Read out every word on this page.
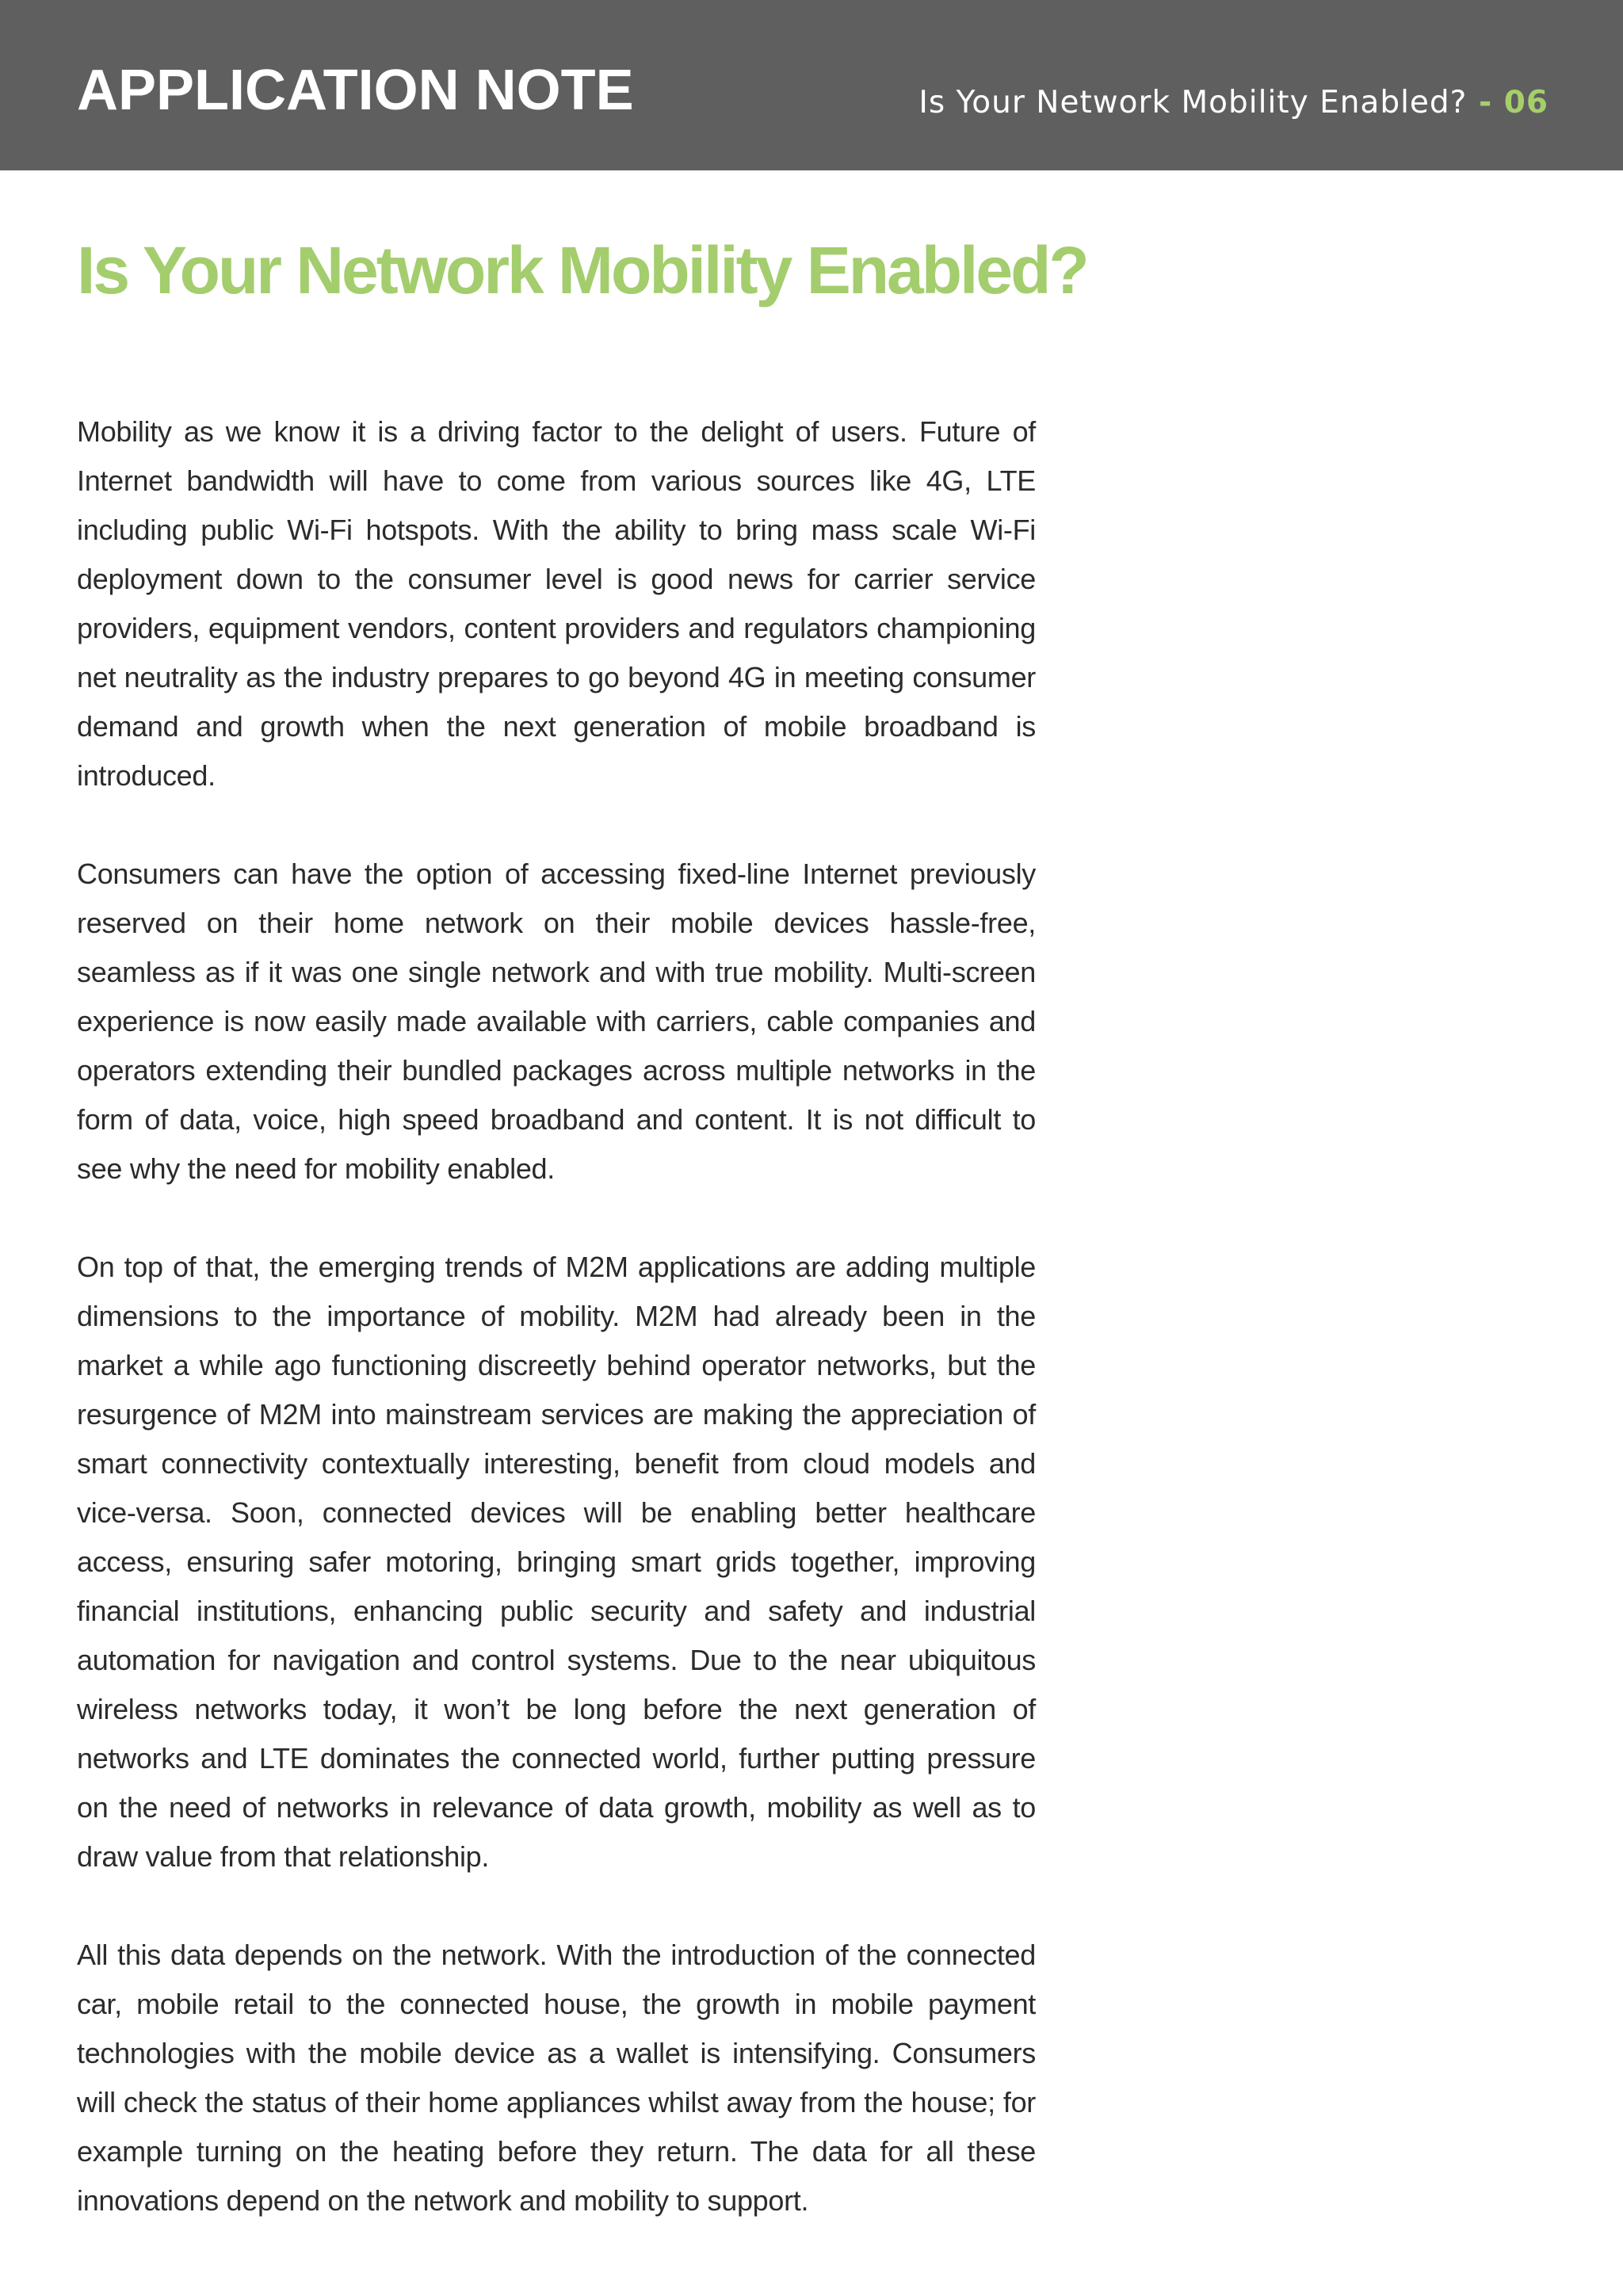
APPLICATION NOTE	Is Your Network Mobility Enabled? - 06
Is Your Network Mobility Enabled?

Mobility as we know it is a driving factor to the delight of users. Future of Internet bandwidth will have to come from various sources like 4G, LTE including public Wi-Fi hotspots. With the ability to bring mass scale Wi-Fi deployment down to the consumer level is good news for carrier service providers, equipment vendors, content providers and regulators championing net neutrality as the industry prepares to go beyond 4G in meeting consumer demand and growth when the next generation of mobile broadband is introduced.

Consumers can have the option of accessing fixed-line Internet previously reserved on their home network on their mobile devices hassle-free, seamless as if it was one single network and with true mobility. Multi-screen experience is now easily made available with carriers, cable companies and operators extending their bundled packages across multiple networks in the form of data, voice, high speed broadband and content. It is not difficult to see why the need for mobility enabled.

On top of that, the emerging trends of M2M applications are adding multiple dimensions to the importance of mobility. M2M had already been in the market a while ago functioning discreetly behind operator networks, but the resurgence of M2M into mainstream services are making the appreciation of smart connectivity contextually interesting, benefit from cloud models and vice-versa. Soon, connected devices will be enabling better healthcare access, ensuring safer motoring, bringing smart grids together, improving financial institutions, enhancing public security and safety and industrial automation for navigation and control systems. Due to the near ubiquitous wireless networks today, it won’t be long before the next generation of networks and LTE dominates the connected world, further putting pressure on the need of networks in relevance of data growth, mobility as well as to draw value from that relationship.

All this data depends on the network. With the introduction of the connected car, mobile retail to the connected house, the growth in mobile payment technologies with the mobile device as a wallet is intensifying. Consumers will check the status of their home appliances whilst away from the house; for example turning on the heating before they return. The data for all these innovations depend on the network and mobility to support.
